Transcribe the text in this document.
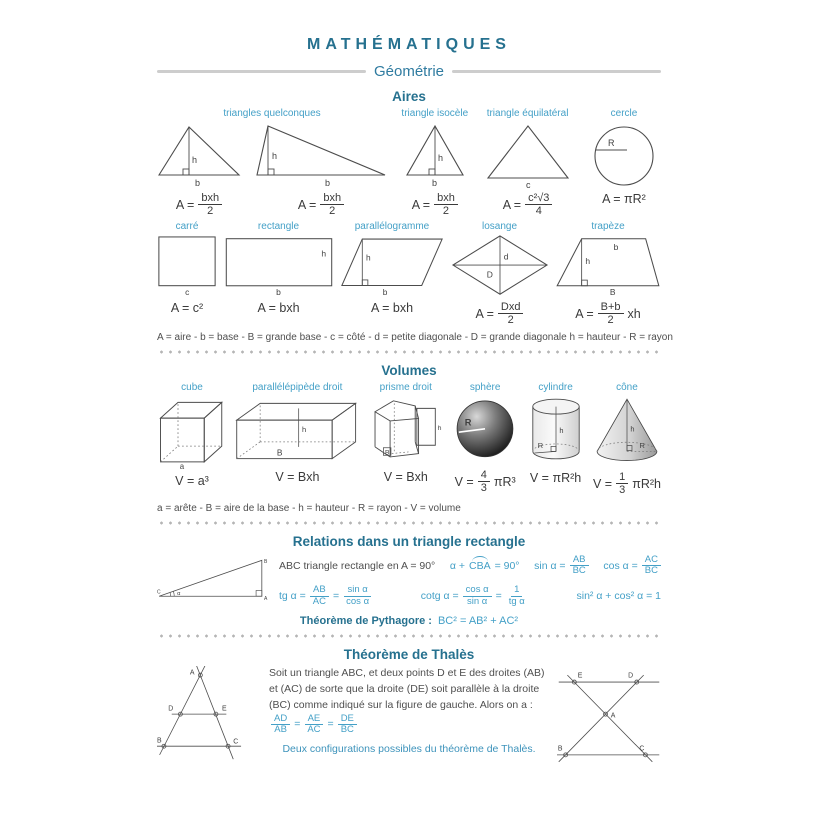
MATHÉMATIQUES
Géométrie
Aires
triangles quelconques
h
b
$A = \frac{\text{bxh}}{2}$
h
b
$A = \frac{\text{bxh}}{2}$
triangle isocèle
h
b
$A = \frac{\text{bxh}}{2}$
triangle équilatéral
c
$A = \frac{\text{c²√3}}{4}$
cercle
R
A = πR²
carré
c
A = c²
rectangle
h
b
A = bxh
parallélogramme
h
b
A = bxh
losange
d
D
$A = \frac{\text{Dxd}}{2}$
trapèze
b
h
B
$A = \frac{B+b}{2}$ xh
A = aire - b = base - B = grande base - c = côté - d = petite diagonale - D = grande diagonale h = hauteur - R = rayon
Volumes
cube
a
V = a³
parallélépipède droit
h
B
V = Bxh
prisme droit
h
B
V = Bxh
sphère
R
$V = \frac{4}{3} \pi R^3$
cylindre
h
R
V = πR²h
cône
h
R
$V = \frac{1}{3} \pi R^2h$
a = arête - B = aire de la base - h = hauteur - R = rayon - V = volume
Relations dans un triangle rectangle
α
C
B
A
ABC triangle rectangle en A = 90° α + CBA = 90° $\sin \alpha = \frac{AB}{BC}$ $\cos \alpha = \frac{AC}{BC}$
tg $\alpha = \frac{AB}{AC} = \frac{\text{sin α}}{\text{cos α}}$	cotg $\alpha = \frac{\text{cos α}}{\text{sin α}} = \frac{1}{\text{tg α}}$	sin² α + cos² α = 1
Théorème de Pythagore : BC² = AB² + AC²
Théorème de Thalès
A
D	E
B	C
Soit un triangle ABC, et deux points D et E des droites (AB) et (AC) de sorte que la droite (DE) soit parallèle à la droite (BC) comme indiqué sur la figure de gauche. Alors on a :
$\frac{AD}{AB} = \frac{AE}{AC} = \frac{DE}{BC}$
Deux configurations possibles du théorème de Thalès.
E	D
A
B	C
